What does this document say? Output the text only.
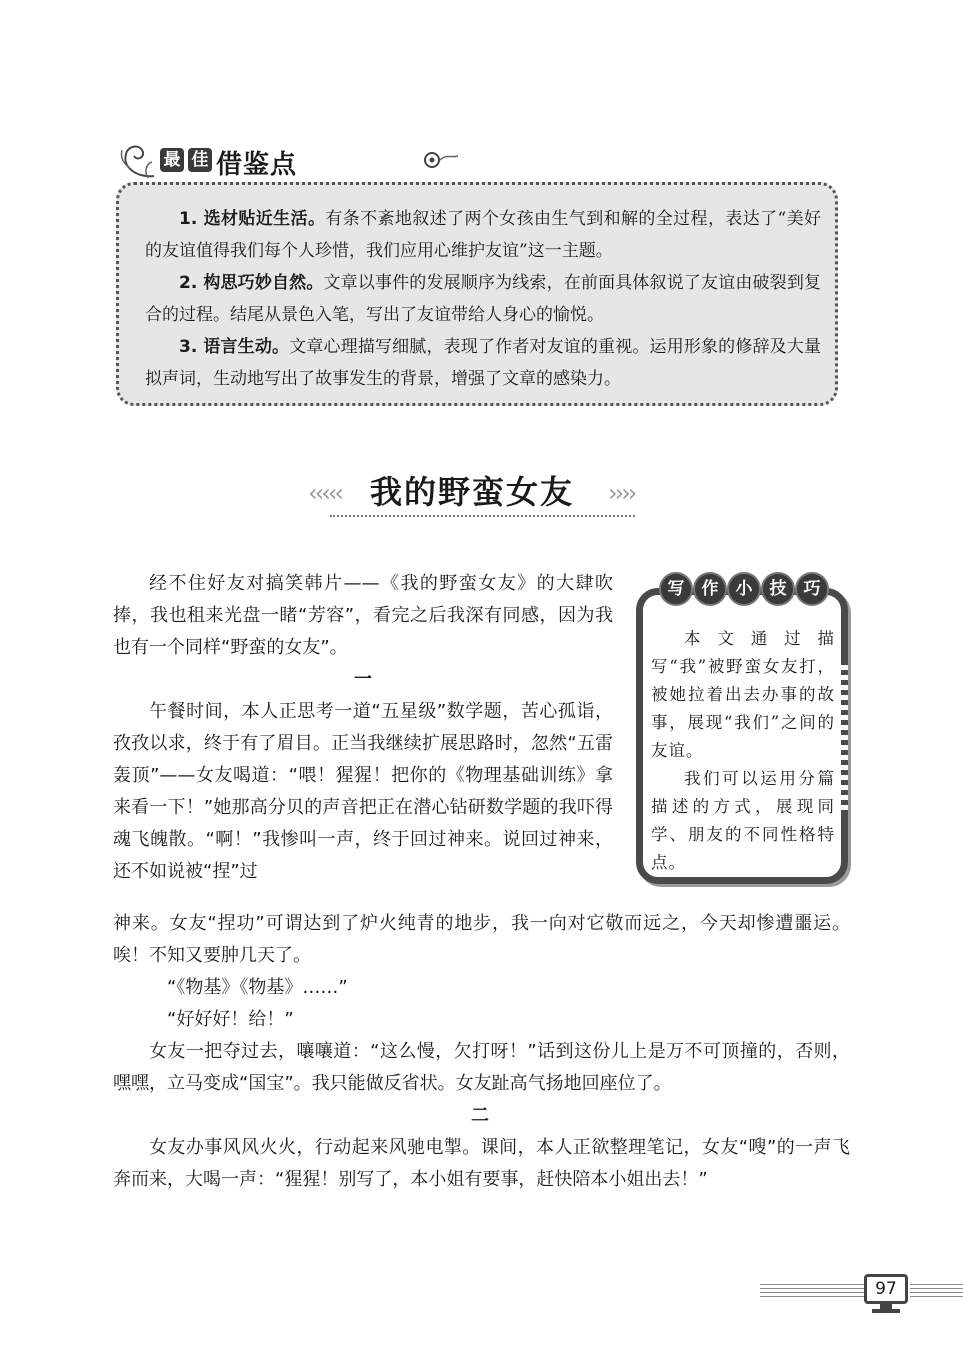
最 佳 借鉴点

1. 选材贴近生活。有条不紊地叙述了两个女孩由生气到和解的全过程，表达了“美好的友谊值得我们每个人珍惜，我们应用心维护友谊”这一主题。

2. 构思巧妙自然。文章以事件的发展顺序为线索，在前面具体叙说了友谊由破裂到复合的过程。结尾从景色入笔，写出了友谊带给人身心的愉悦。

3. 语言生动。文章心理描写细腻，表现了作者对友谊的重视。运用形象的修辞及大量拟声词，生动地写出了故事发生的背景，增强了文章的感染力。

‹‹‹‹‹ 我的野蛮女友 ››››

本文通过描写“我”被野蛮女友打，被她拉着出去办事的故事，展现“我们”之间的友谊。

我们可以运用分篇描述的方式，展现同学、朋友的不同性格特点。

写	作	小	技	巧

经不住好友对搞笑韩片——《我的野蛮女友》的大肆吹捧，我也租来光盘一睹“芳容”，看完之后我深有同感，因为我也有一个同样“野蛮的女友”。

一

午餐时间，本人正思考一道“五星级”数学题，苦心孤诣，孜孜以求，终于有了眉目。正当我继续扩展思路时，忽然“五雷轰顶”——女友喝道：“喂！猩猩！把你的《物理基础训练》拿来看一下！”她那高分贝的声音把正在潜心钻研数学题的我吓得魂飞魄散。“啊！”我惨叫一声，终于回过神来。说回过神来，还不如说被“捏”过

神来。女友“捏功”可谓达到了炉火纯青的地步，我一向对它敬而远之，今天却惨遭噩运。唉！不知又要肿几天了。

“《物基》《物基》……”

“好好好！给！”

女友一把夺过去，嚷嚷道：“这么慢，欠打呀！”话到这份儿上是万不可顶撞的，否则，嘿嘿，立马变成“国宝”。我只能做反省状。女友趾高气扬地回座位了。

二

女友办事风风火火，行动起来风驰电掣。课间，本人正欲整理笔记，女友“嗖”的一声飞奔而来，大喝一声：“猩猩！别写了，本小姐有要事，赶快陪本小姐出去！”

97
